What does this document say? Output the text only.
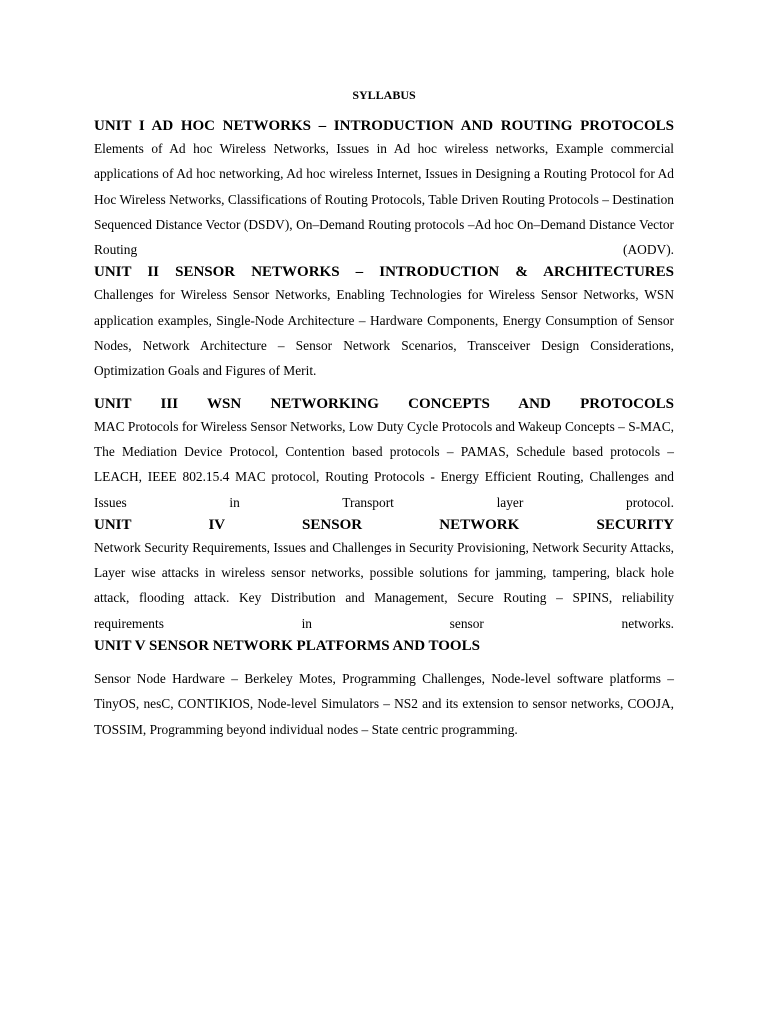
SYLLABUS
UNIT I AD HOC NETWORKS – INTRODUCTION AND ROUTING PROTOCOLS
Elements of Ad hoc Wireless Networks, Issues in Ad hoc wireless networks, Example commercial applications of Ad hoc networking, Ad hoc wireless Internet, Issues in Designing a Routing Protocol for Ad Hoc Wireless Networks, Classifications of Routing Protocols, Table Driven Routing Protocols – Destination Sequenced Distance Vector (DSDV), On–Demand Routing protocols –Ad hoc On–Demand Distance Vector Routing (AODV).
UNIT II SENSOR NETWORKS – INTRODUCTION & ARCHITECTURES
Challenges for Wireless Sensor Networks, Enabling Technologies for Wireless Sensor Networks, WSN application examples, Single-Node Architecture – Hardware Components, Energy Consumption of Sensor Nodes, Network Architecture – Sensor Network Scenarios, Transceiver Design Considerations, Optimization Goals and Figures of Merit.
UNIT III WSN NETWORKING CONCEPTS AND PROTOCOLS
MAC Protocols for Wireless Sensor Networks, Low Duty Cycle Protocols and Wakeup Concepts – S-MAC, The Mediation Device Protocol, Contention based protocols – PAMAS, Schedule based protocols – LEACH, IEEE 802.15.4 MAC protocol, Routing Protocols - Energy Efficient Routing, Challenges and Issues in Transport layer protocol.
UNIT IV SENSOR NETWORK SECURITY
Network Security Requirements, Issues and Challenges in Security Provisioning, Network Security Attacks, Layer wise attacks in wireless sensor networks, possible solutions for jamming, tampering, black hole attack, flooding attack. Key Distribution and Management, Secure Routing – SPINS, reliability requirements in sensor networks.
UNIT V SENSOR NETWORK PLATFORMS AND TOOLS
Sensor Node Hardware – Berkeley Motes, Programming Challenges, Node-level software platforms – TinyOS, nesC, CONTIKIOS, Node-level Simulators – NS2 and its extension to sensor networks, COOJA, TOSSIM, Programming beyond individual nodes – State centric programming.
